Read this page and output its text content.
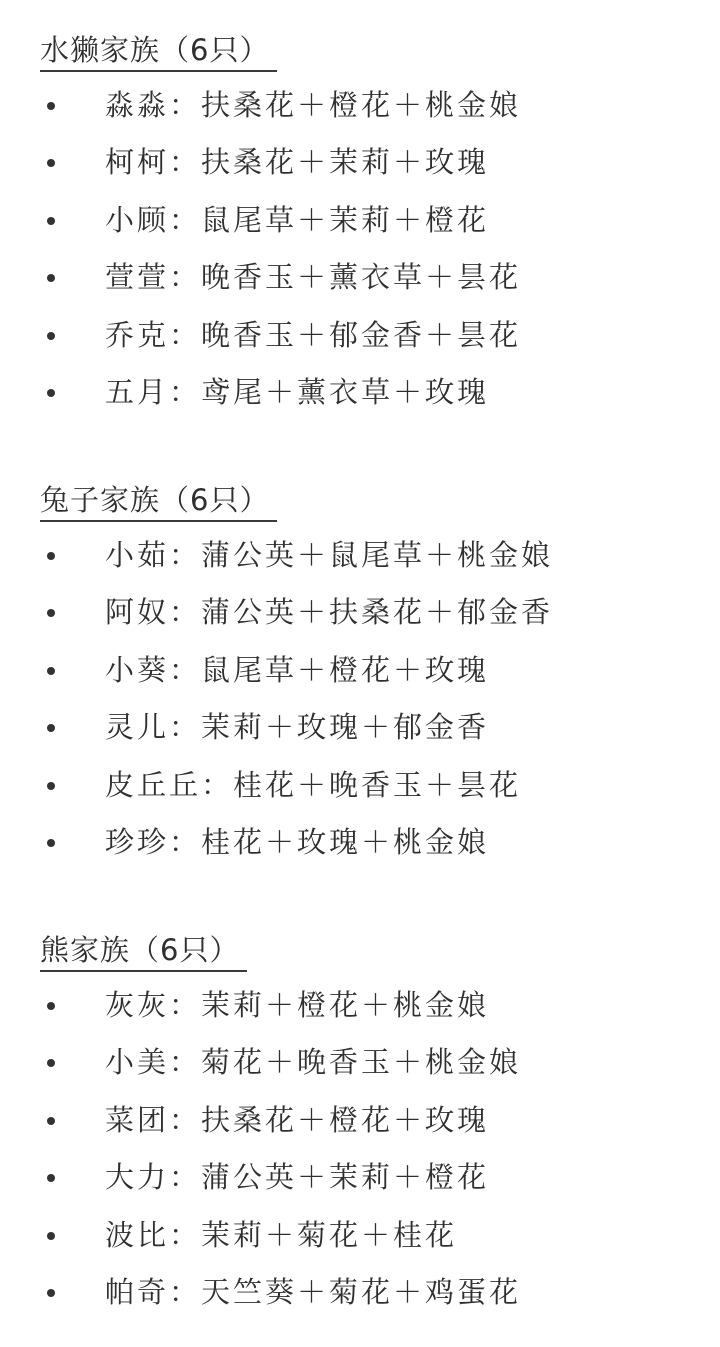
水獭家族（6只）
淼淼：扶桑花＋橙花＋桃金娘
柯柯：扶桑花＋茉莉＋玫瑰
小顾：鼠尾草＋茉莉＋橙花
萱萱：晚香玉＋薰衣草＋昙花
乔克：晚香玉＋郁金香＋昙花
五月：鸢尾＋薰衣草＋玫瑰
兔子家族（6只）
小茹：蒲公英＋鼠尾草＋桃金娘
阿奴：蒲公英＋扶桑花＋郁金香
小葵：鼠尾草＋橙花＋玫瑰
灵儿：茉莉＋玫瑰＋郁金香
皮丘丘：桂花＋晚香玉＋昙花
珍珍：桂花＋玫瑰＋桃金娘
熊家族（6只）
灰灰：茉莉＋橙花＋桃金娘
小美：菊花＋晚香玉＋桃金娘
菜团：扶桑花＋橙花＋玫瑰
大力：蒲公英＋茉莉＋橙花
波比：茉莉＋菊花＋桂花
帕奇：天竺葵＋菊花＋鸡蛋花
